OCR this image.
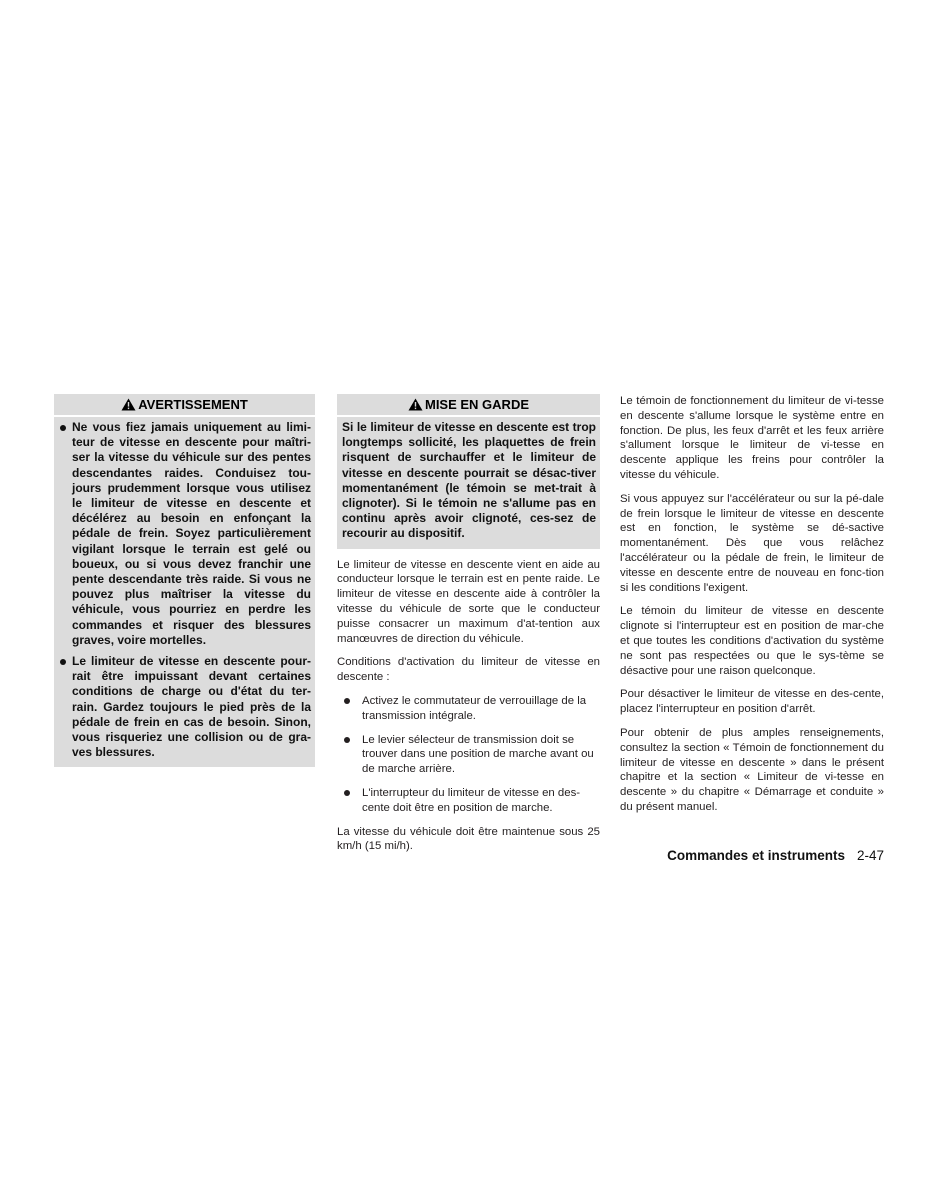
AVERTISSEMENT

Ne vous fiez jamais uniquement au limi-teur de vitesse en descente pour maîtri-ser la vitesse du véhicule sur des pentes descendantes raides. Conduisez tou-jours prudemment lorsque vous utilisez le limiteur de vitesse en descente et décélérez au besoin en enfonçant la pédale de frein. Soyez particulièrement vigilant lorsque le terrain est gelé ou boueux, ou si vous devez franchir une pente descendante très raide. Si vous ne pouvez plus maîtriser la vitesse du véhicule, vous pourriez en perdre les commandes et risquer des blessures graves, voire mortelles.

Le limiteur de vitesse en descente pour-rait être impuissant devant certaines conditions de charge ou d'état du ter-rain. Gardez toujours le pied près de la pédale de frein en cas de besoin. Sinon, vous risqueriez une collision ou de gra-ves blessures.

MISE EN GARDE

Si le limiteur de vitesse en descente est trop longtemps sollicité, les plaquettes de frein risquent de surchauffer et le limiteur de vitesse en descente pourrait se désac-tiver momentanément (le témoin se met-trait à clignoter). Si le témoin ne s'allume pas en continu après avoir clignoté, ces-sez de recourir au dispositif.

Le limiteur de vitesse en descente vient en aide au conducteur lorsque le terrain est en pente raide. Le limiteur de vitesse en descente aide à contrôler la vitesse du véhicule de sorte que le conducteur puisse consacrer un maximum d'at-tention aux manœuvres de direction du véhicule.

Conditions d'activation du limiteur de vitesse en descente :

Activez le commutateur de verrouillage de la transmission intégrale.
Le levier sélecteur de transmission doit se trouver dans une position de marche avant ou de marche arrière.
L'interrupteur du limiteur de vitesse en des-cente doit être en position de marche.

La vitesse du véhicule doit être maintenue sous 25 km/h (15 mi/h).

Le témoin de fonctionnement du limiteur de vi-tesse en descente s'allume lorsque le système entre en fonction. De plus, les feux d'arrêt et les feux arrière s'allument lorsque le limiteur de vi-tesse en descente applique les freins pour contrôler la vitesse du véhicule.

Si vous appuyez sur l'accélérateur ou sur la pé-dale de frein lorsque le limiteur de vitesse en descente est en fonction, le système se dé-sactive momentanément. Dès que vous relâchez l'accélérateur ou la pédale de frein, le limiteur de vitesse en descente entre de nouveau en fonc-tion si les conditions l'exigent.

Le témoin du limiteur de vitesse en descente clignote si l'interrupteur est en position de mar-che et que toutes les conditions d'activation du système ne sont pas respectées ou que le sys-tème se désactive pour une raison quelconque.

Pour désactiver le limiteur de vitesse en des-cente, placez l'interrupteur en position d'arrêt.

Pour obtenir de plus amples renseignements, consultez la section « Témoin de fonctionnement du limiteur de vitesse en descente » dans le présent chapitre et la section « Limiteur de vi-tesse en descente » du chapitre « Démarrage et conduite » du présent manuel.

Commandes et instruments 2-47
